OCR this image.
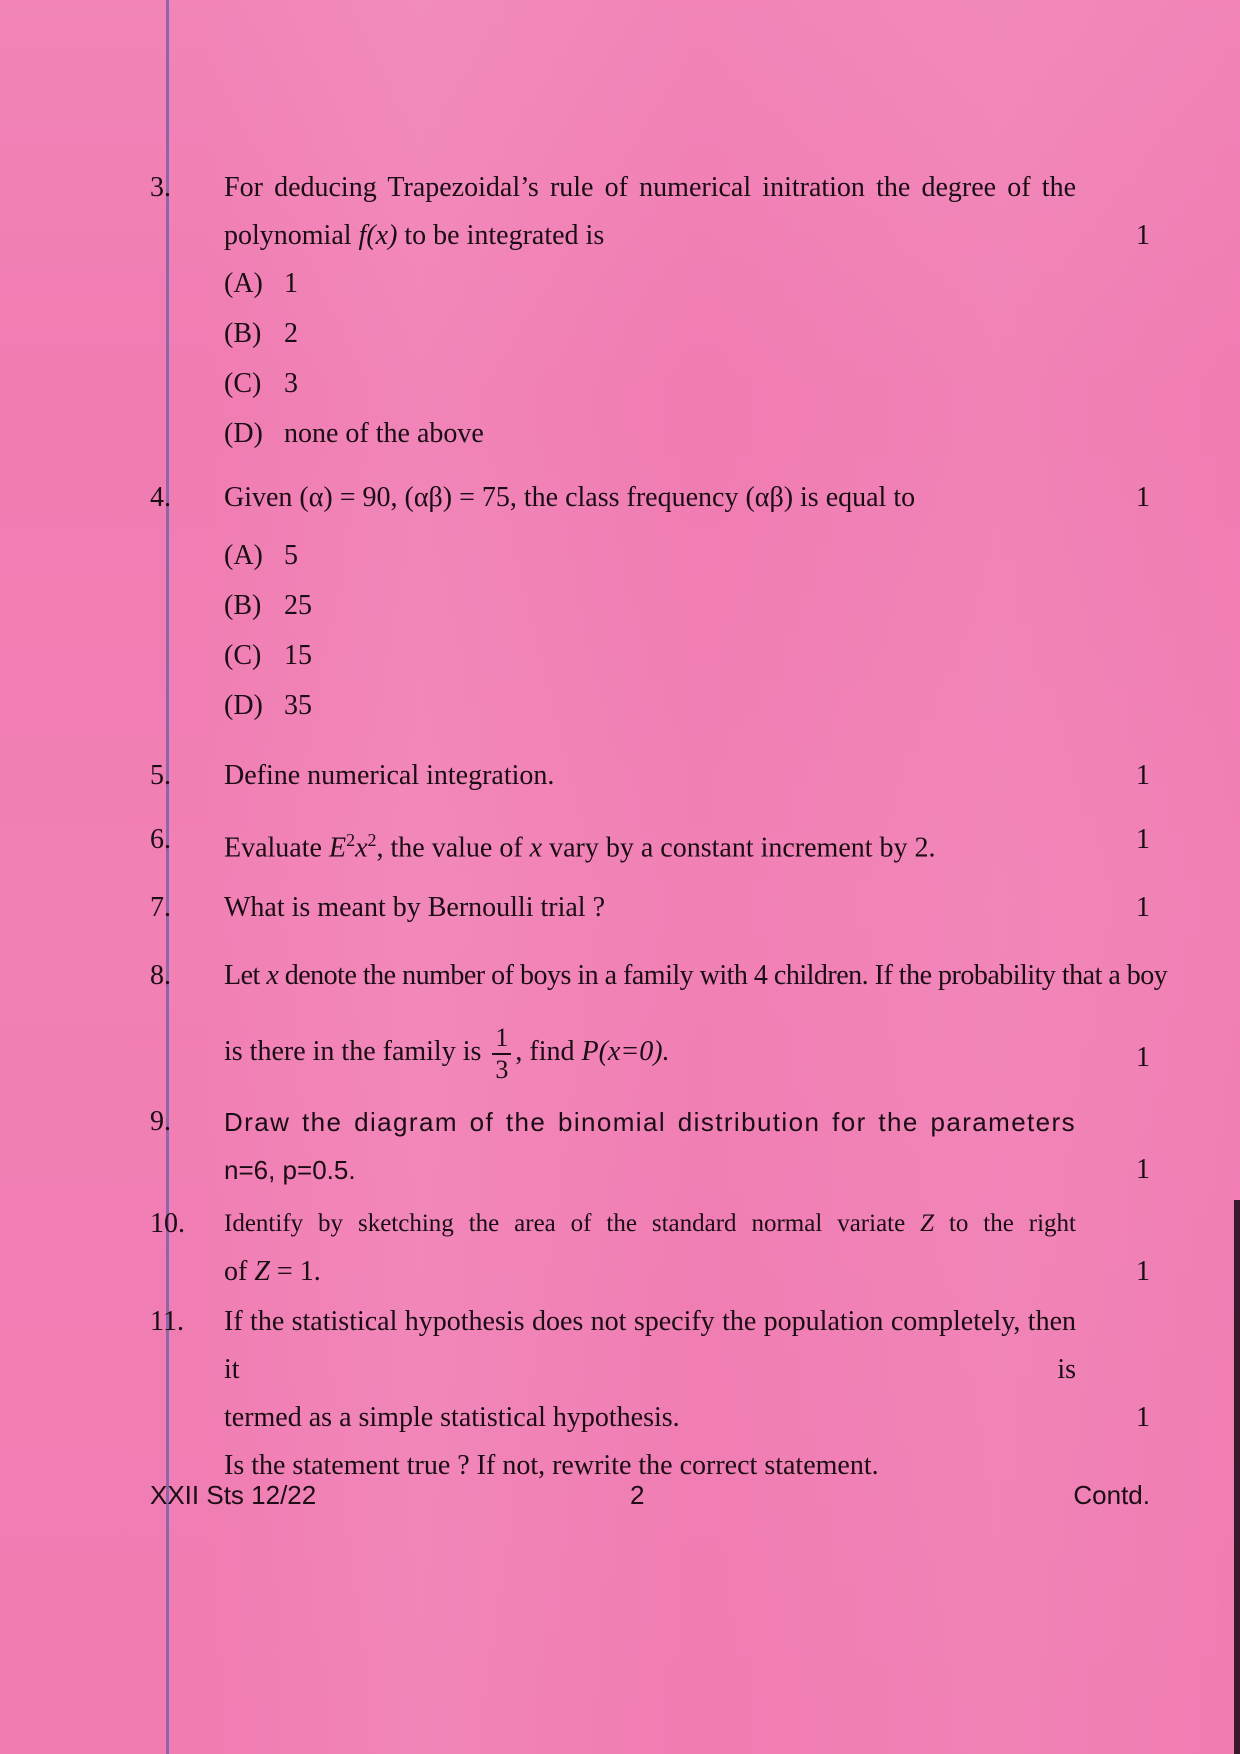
3.	For deducing Trapezoidal’s rule of numerical initration the degree of the
polynomial f(x) to be integrated is	1
(A) 1
(B) 2
(C) 3
(D) none of the above
4.	Given (α) = 90, (αβ) = 75, the class frequency (αβ) is equal to	1
(A) 5
(B) 25
(C) 15
(D) 35
5.	Define numerical integration.	1
6.	Evaluate $E^2x^2$, the value of x vary by a constant increment by 2.	1
7.	What is meant by Bernoulli trial ?	1
8.	Let x denote the number of boys in a family with 4 children. If the probability that a boy
is there in the family is $\frac{1}{3}$ , find P(x=0).	1
9.	Draw the diagram of the binomial distribution for the parameters
n=6, p=0.5.	1
10.	Identify by sketching the area of the standard normal variate Z to the right
of Z = 1.	1
11.	If the statistical hypothesis does not specify the population completely, then it is
termed as a simple statistical hypothesis.
Is the statement true ? If not, rewrite the correct statement.
1
XXII Sts 12/22	2	Contd.
